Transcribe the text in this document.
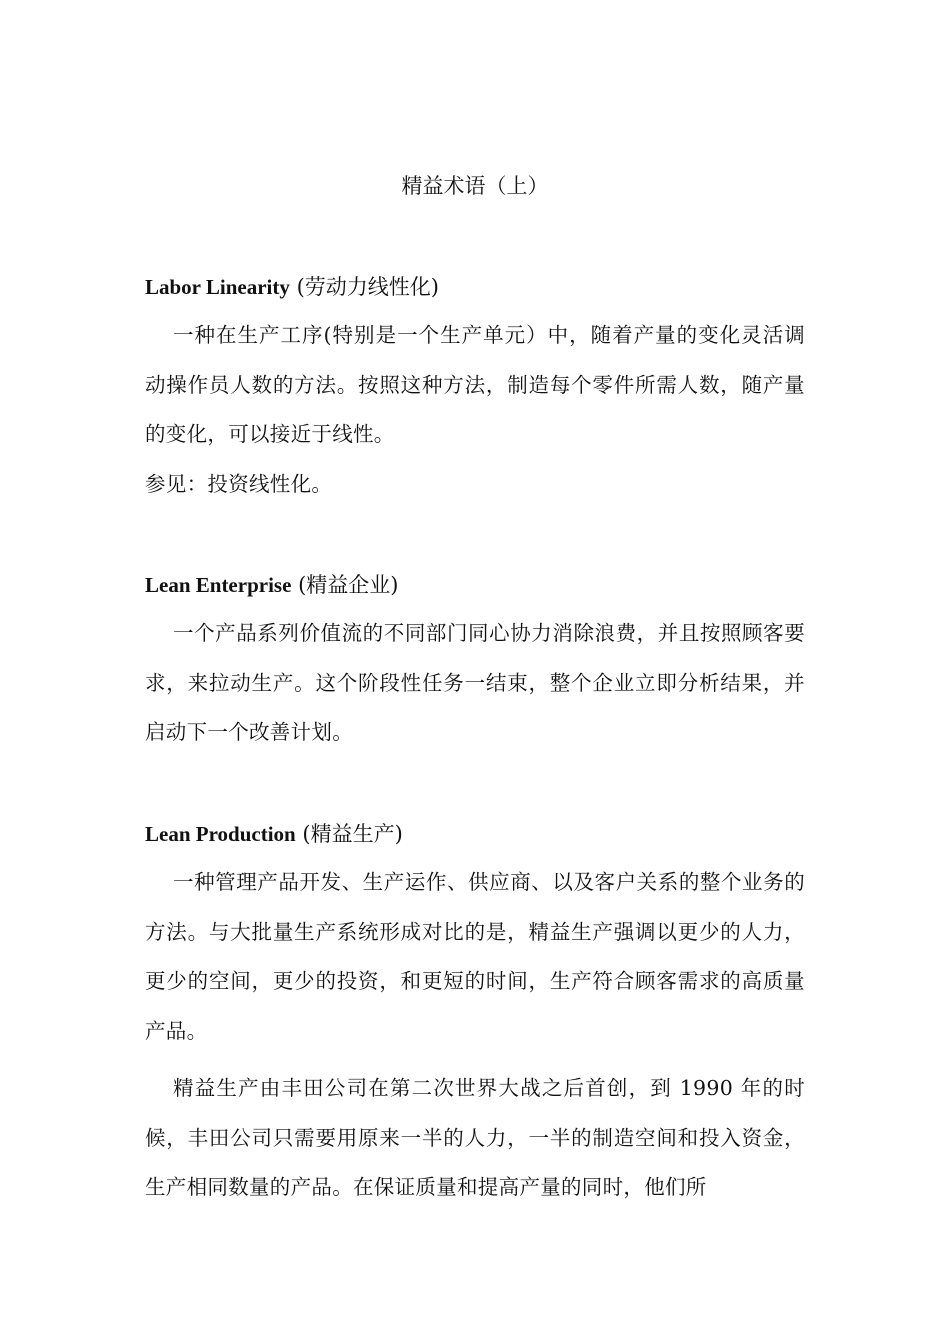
精益术语（上）
Labor Linearity (劳动力线性化)

一种在生产工序(特别是一个生产单元）中，随着产量的变化灵活调动操作员人数的方法。按照这种方法，制造每个零件所需人数，随产量的变化，可以接近于线性。

参见：投资线性化。

Lean Enterprise (精益企业)

一个产品系列价值流的不同部门同心协力消除浪费，并且按照顾客要求，来拉动生产。这个阶段性任务一结束，整个企业立即分析结果，并启动下一个改善计划。

Lean Production (精益生产)

一种管理产品开发、生产运作、供应商、以及客户关系的整个业务的方法。与大批量生产系统形成对比的是，精益生产强调以更少的人力，更少的空间，更少的投资，和更短的时间，生产符合顾客需求的高质量产品。

精益生产由丰田公司在第二次世界大战之后首创，到 1990 年的时候，丰田公司只需要用原来一半的人力，一半的制造空间和投入资金，生产相同数量的产品。在保证质量和提高产量的同时，他们所
